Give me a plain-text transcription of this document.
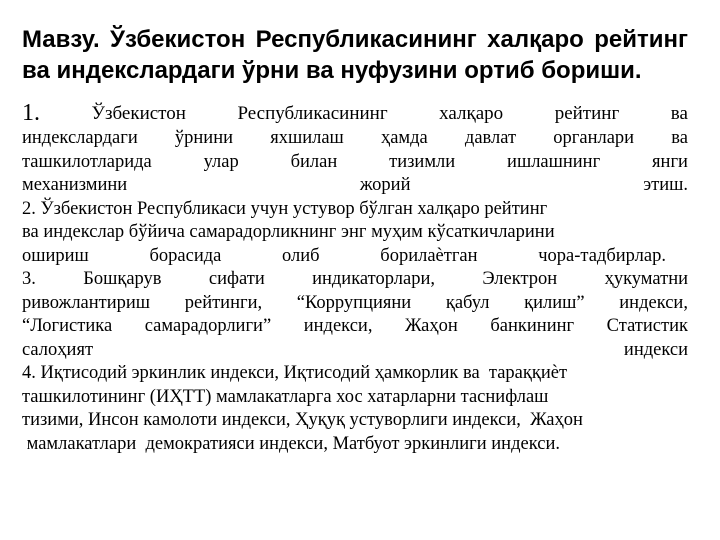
Мавзу. Ўзбекистон Республикасининг халқаро рейтинг ва индекслардаги ўрни ва нуфузини ортиб бориши.
1.	Ўзбекистон	Республикасининг	халқаро	рейтинг	ва
индекслардаги ўрнини яхшилаш ҳамда давлат органлари ва
ташкилотларида	улар	билан	тизимли	ишлашнинг	янги
механизмини	жорий	этиш.
2. Ўзбекистон Республикаси учун устувор бўлган халқаро рейтинг
ва индекслар бўйича самарадорликнинг энг муҳим кўсаткичларини
ошириш	борасида	олиб	борилаѐтган	чора-тадбирлар.
3.	Бошқарув	сифати	индикаторлари,	Электрон	ҳукуматни
ривожлантириш рейтинги, “Коррупцияни қабул қилиш” индекси,
“Логистика самарадорлиги” индекси, Жаҳон банкининг Статистик
салоҳият	индекси
4. Иқтисодий эркинлик индекси, Иқтисодий ҳамкорлик ва  тараққиѐт
ташкилотининг (ИҲТТ) мамлакатларга хос хатарларни таснифлаш
тизими, Инсон камолоти индекси, Ҳуқуқ устуворлиги индекси,  Жаҳон
мамлакатлари  демократияси индекси, Матбуот эркинлиги индекси.
